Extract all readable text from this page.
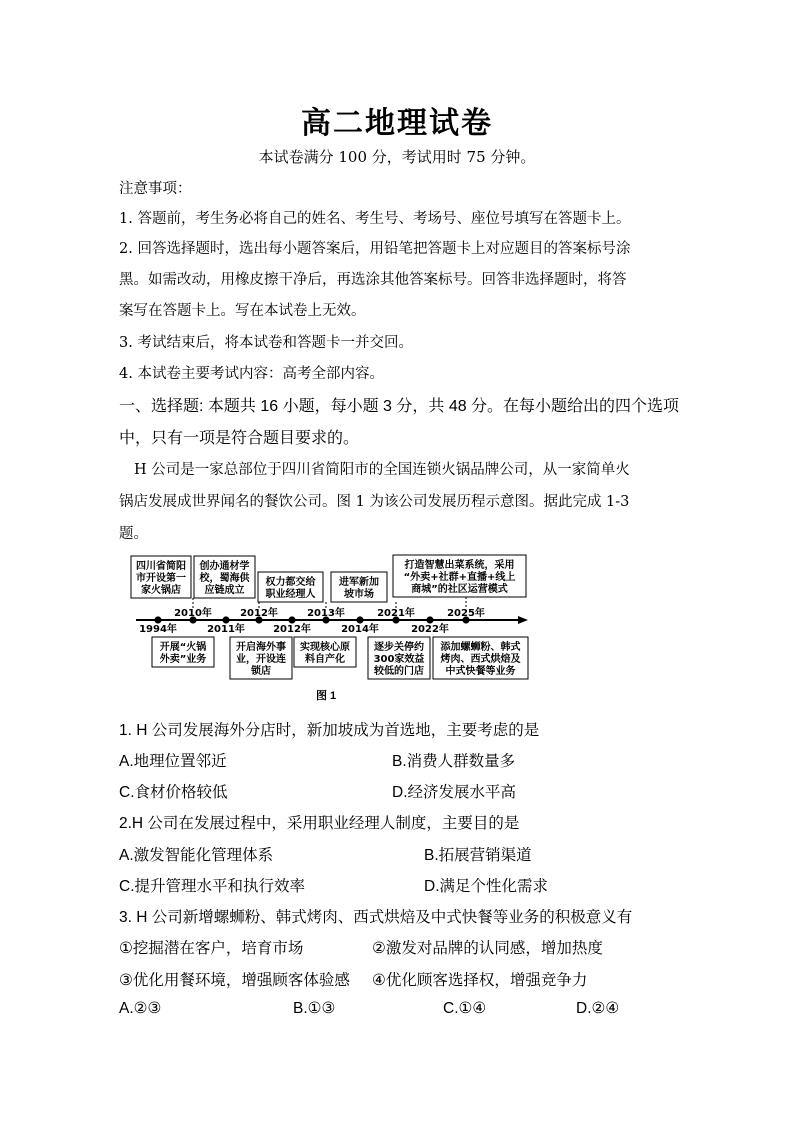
高二地理试卷
本试卷满分 100 分，考试用时 75 分钟。
注意事项：
1. 答题前，考生务必将自己的姓名、考生号、考场号、座位号填写在答题卡上。
2. 回答选择题时，选出每小题答案后，用铅笔把答题卡上对应题目的答案标号涂
黑。如需改动，用橡皮擦干净后，再选涂其他答案标号。回答非选择题时，将答
案写在答题卡上。写在本试卷上无效。
3. 考试结束后，将本试卷和答题卡一并交回。
4. 本试卷主要考试内容：高考全部内容。
一、选择题: 本题共 16 小题，每小题 3 分，共 48 分。在每小题给出的四个选项
中，只有一项是符合题目要求的。
H 公司是一家总部位于四川省简阳市的全国连锁火锅品牌公司，从一家简单火
锅店发展成世界闻名的餐饮公司。图 1 为该公司发展历程示意图。据此完成 1-3
题。
四川省简阳
市开设第一
家火锅店
2010年
创办通材学
校，蜀海供
应链成立
2012年
权力都交给
职业经理人
2013年
进军新加
坡市场
2021年
打造智慧出菜系统，采用
“外卖+社群+直播+线上
商城”的社区运营模式
2025年
开展“火锅
外卖”业务
1994年
开启海外事
业，开设连
锁店
2011年
实现核心原
料自产化
2012年
逐步关停约
300家效益
较低的门店
2014年
添加螺蛳粉、韩式
烤肉、西式烘焙及
中式快餐等业务
2022年
图 1
1. H 公司发展海外分店时，新加坡成为首选地，主要考虑的是
A.地理位置邻近	B.消费人群数量多
C.食材价格较低	D.经济发展水平高
2.H 公司在发展过程中，采用职业经理人制度，主要目的是
A.激发智能化管理体系	B.拓展营销渠道
C.提升管理水平和执行效率	D.满足个性化需求
3. H 公司新增螺蛳粉、韩式烤肉、西式烘焙及中式快餐等业务的积极意义有
①挖掘潜在客户，培育市场	②激发对品牌的认同感，增加热度
③优化用餐环境，增强顾客体验感 ④优化顾客选择权，增强竞争力
A.②③	B.①③	C.①④	D.②④
